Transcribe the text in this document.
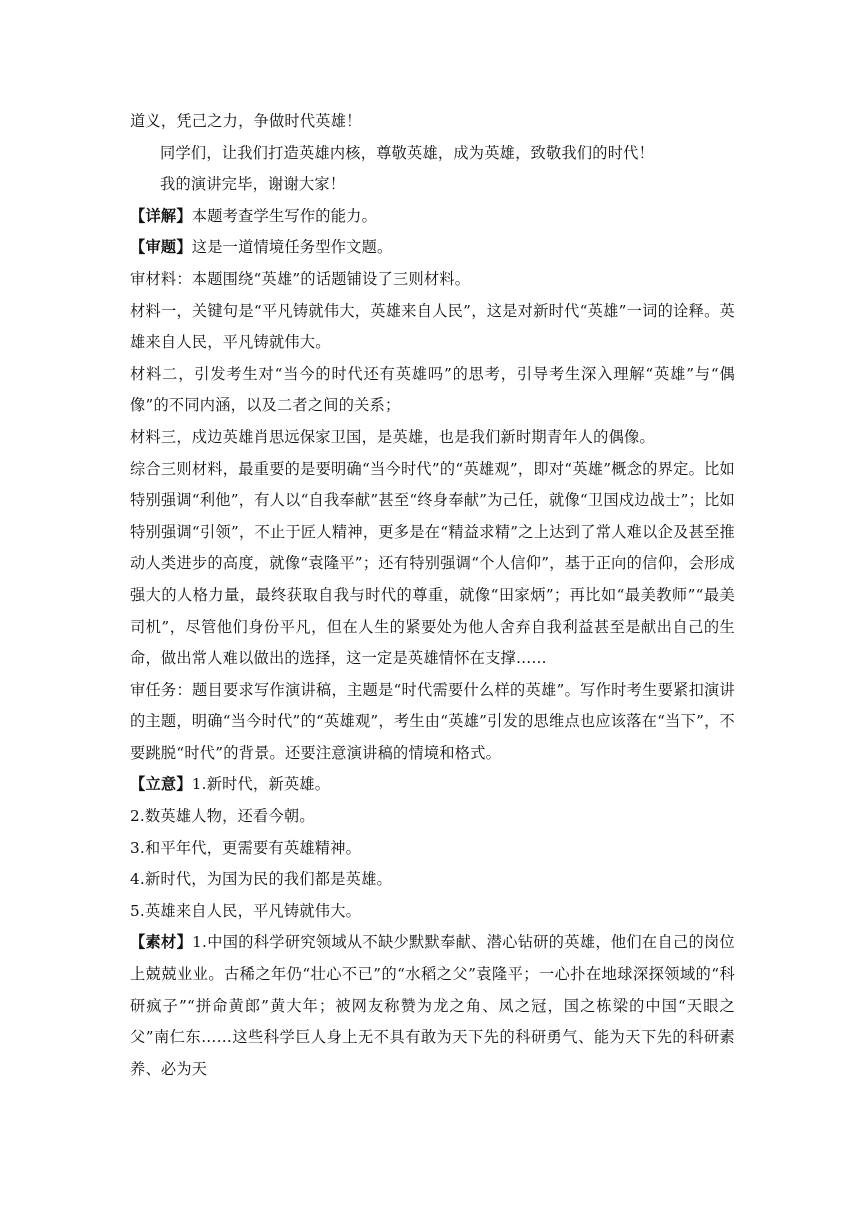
道义，凭己之力，争做时代英雄！

同学们，让我们打造英雄内核，尊敬英雄，成为英雄，致敬我们的时代！

我的演讲完毕，谢谢大家！

【详解】本题考查学生写作的能力。

【审题】这是一道情境任务型作文题。

审材料：本题围绕“英雄”的话题铺设了三则材料。

材料一，关键句是“平凡铸就伟大，英雄来自人民”，这是对新时代“英雄”一词的诠释。英雄来自人民，平凡铸就伟大。

材料二，引发考生对“当今的时代还有英雄吗”的思考，引导考生深入理解“英雄”与“偶像”的不同内涵，以及二者之间的关系；

材料三，戍边英雄肖思远保家卫国，是英雄，也是我们新时期青年人的偶像。

综合三则材料，最重要的是要明确“当今时代”的“英雄观”，即对“英雄”概念的界定。比如特别强调“利他”，有人以“自我奉献”甚至“终身奉献”为己任，就像“卫国戍边战士”；比如特别强调“引领”，不止于匠人精神，更多是在“精益求精”之上达到了常人难以企及甚至推动人类进步的高度，就像“袁隆平”；还有特别强调“个人信仰”，基于正向的信仰，会形成强大的人格力量，最终获取自我与时代的尊重，就像“田家炳”；再比如“最美教师”“最美司机”，尽管他们身份平凡，但在人生的紧要处为他人舍弃自我利益甚至是献出自己的生命，做出常人难以做出的选择，这一定是英雄情怀在支撑……

审任务：题目要求写作演讲稿，主题是“时代需要什么样的英雄”。写作时考生要紧扣演讲的主题，明确“当今时代”的“英雄观”，考生由“英雄”引发的思维点也应该落在“当下”，不要跳脱“时代”的背景。还要注意演讲稿的情境和格式。

【立意】1.新时代，新英雄。

2.数英雄人物，还看今朝。

3.和平年代，更需要有英雄精神。

4.新时代，为国为民的我们都是英雄。

5.英雄来自人民，平凡铸就伟大。

【素材】1.中国的科学研究领域从不缺少默默奉献、潜心钻研的英雄，他们在自己的岗位上兢兢业业。古稀之年仍“壮心不已”的“水稻之父”袁隆平；一心扑在地球深探领域的“科研疯子”“拼命黄郎”黄大年；被网友称赞为龙之角、凤之冠，国之栋梁的中国“天眼之父”南仁东……这些科学巨人身上无不具有敢为天下先的科研勇气、能为天下先的科研素养、必为天
